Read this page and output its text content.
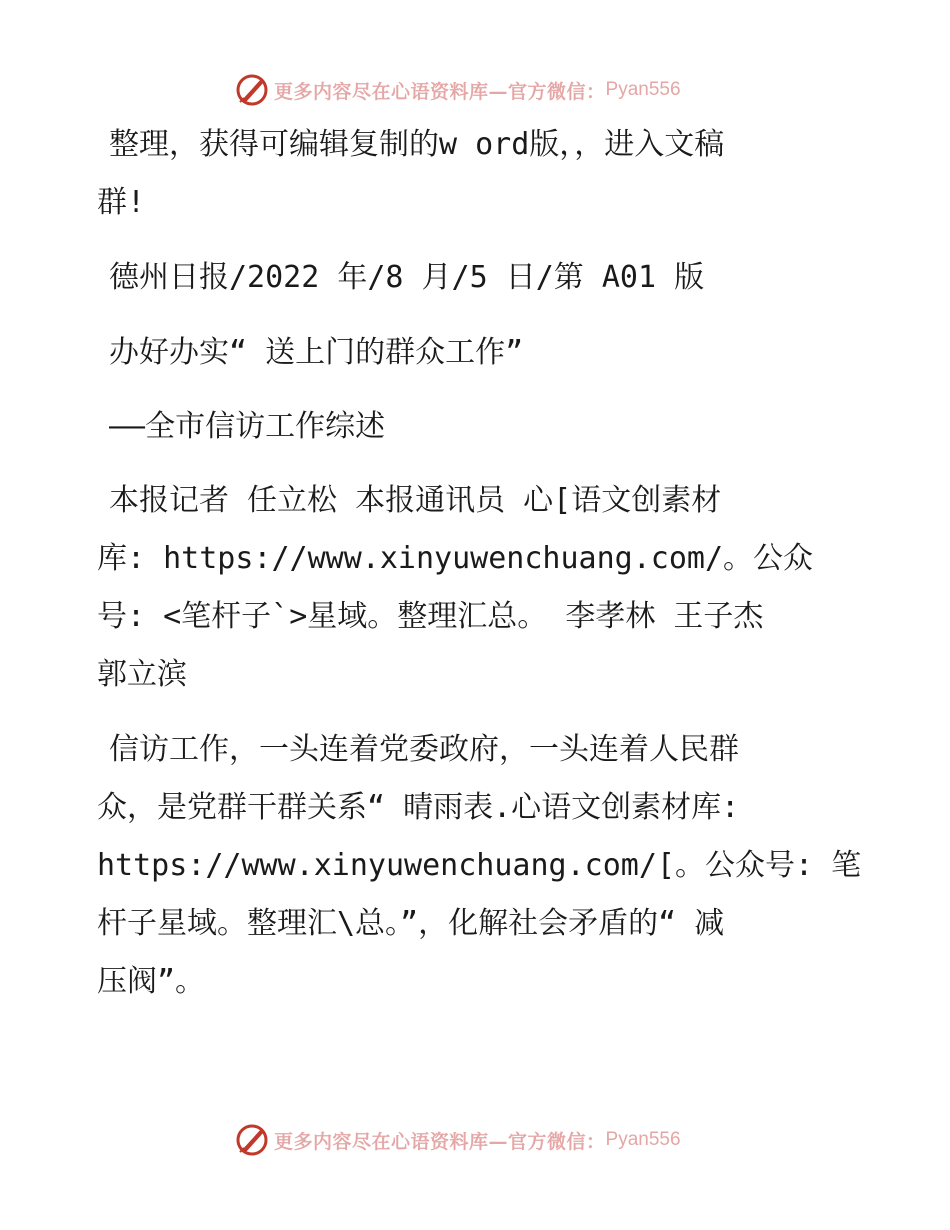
更多内容尽在心语资料库—官方微信： Pyan556

整理，获得可编辑复制的w ord版，，进入文稿
群!

德州日报/2022 年/8 月/5 日/第 A01 版

办好办实“ 送上门的群众工作”

——全市信访工作综述

本报记者 任立松 本报通讯员 心[语文创素材
库: https://www.xinyuwenchuang.com/。公众
号: <笔杆子`>星域。整理汇总。 李孝林 王子杰
郭立滨

信访工作，一头连着党委政府，一头连着人民群
众，是党群干群关系“ 晴雨表.心语文创素材库:
https://www.xinyuwenchuang.com/[。公众号: 笔
杆子星域。整理汇\总。”，化解社会矛盾的“ 减
压阀”。

更多内容尽在心语资料库—官方微信： Pyan556
